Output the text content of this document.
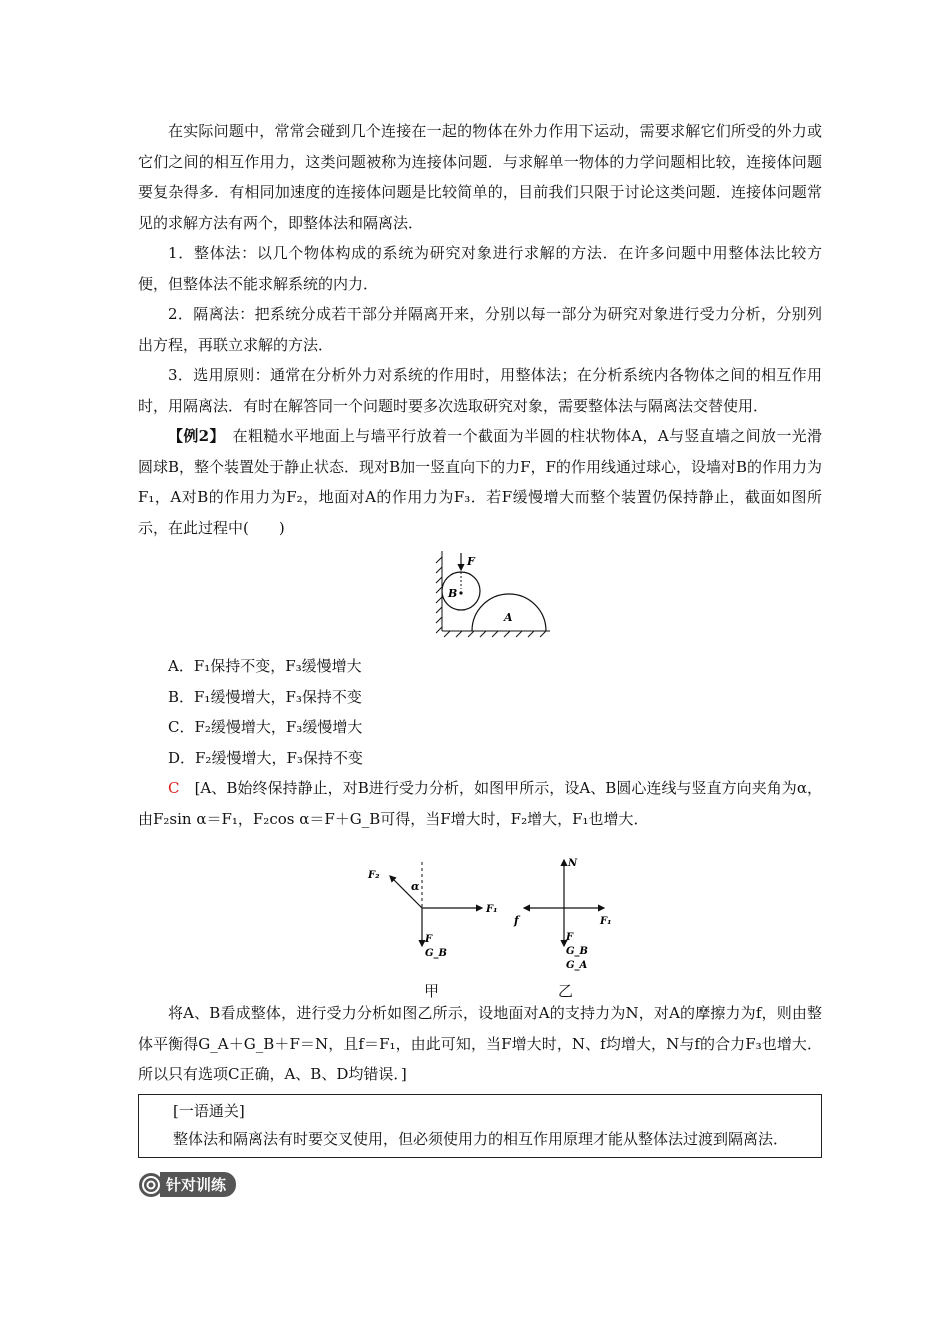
在实际问题中，常常会碰到几个连接在一起的物体在外力作用下运动，需要求解它们所受的外力或它们之间的相互作用力，这类问题被称为连接体问题．与求解单一物体的力学问题相比较，连接体问题要复杂得多．有相同加速度的连接体问题是比较简单的，目前我们只限于讨论这类问题．连接体问题常见的求解方法有两个，即整体法和隔离法．

1．整体法：以几个物体构成的系统为研究对象进行求解的方法．在许多问题中用整体法比较方便，但整体法不能求解系统的内力．

2．隔离法：把系统分成若干部分并隔离开来，分别以每一部分为研究对象进行受力分析，分别列出方程，再联立求解的方法．

3．选用原则：通常在分析外力对系统的作用时，用整体法；在分析系统内各物体之间的相互作用时，用隔离法．有时在解答同一个问题时要多次选取研究对象，需要整体法与隔离法交替使用．

【例2】　 在粗糙水平地面上与墙平行放着一个截面为半圆的柱状物体A，A与竖直墙之间放一光滑圆球B，整个装置处于静止状态．现对B加一竖直向下的力F，F的作用线通过球心，设墙对B的作用力为F₁，A对B的作用力为F₂，地面对A的作用力为F₃．若F缓慢增大而整个装置仍保持静止，截面如图所示，在此过程中(　　)

F
B
A

A．F₁保持不变，F₃缓慢增大

B．F₁缓慢增大，F₃保持不变

C．F₂缓慢增大，F₃缓慢增大

D．F₂缓慢增大，F₃保持不变

C　 [A、B始终保持静止，对B进行受力分析，如图甲所示，设A、B圆心连线与竖直方向夹角为α，由F₂sin α＝F₁，F₂cos α＝F＋G_B可得，当F增大时，F₂增大，F₁也增大．

F₂
α
F₁
F
G_B
甲
N
f	F₁
F
G_B
G_A
乙

将A、B看成整体，进行受力分析如图乙所示，设地面对A的支持力为N，对A的摩擦力为f，则由整体平衡得G_A＋G_B＋F＝N，且f＝F₁，由此可知，当F增大时，N、f均增大，N与f的合力F₃也增大．所以只有选项C正确，A、B、D均错误．]

[一语通关]

整体法和隔离法有时要交叉使用，但必须使用力的相互作用原理才能从整体法过渡到隔离法．

针对训练
